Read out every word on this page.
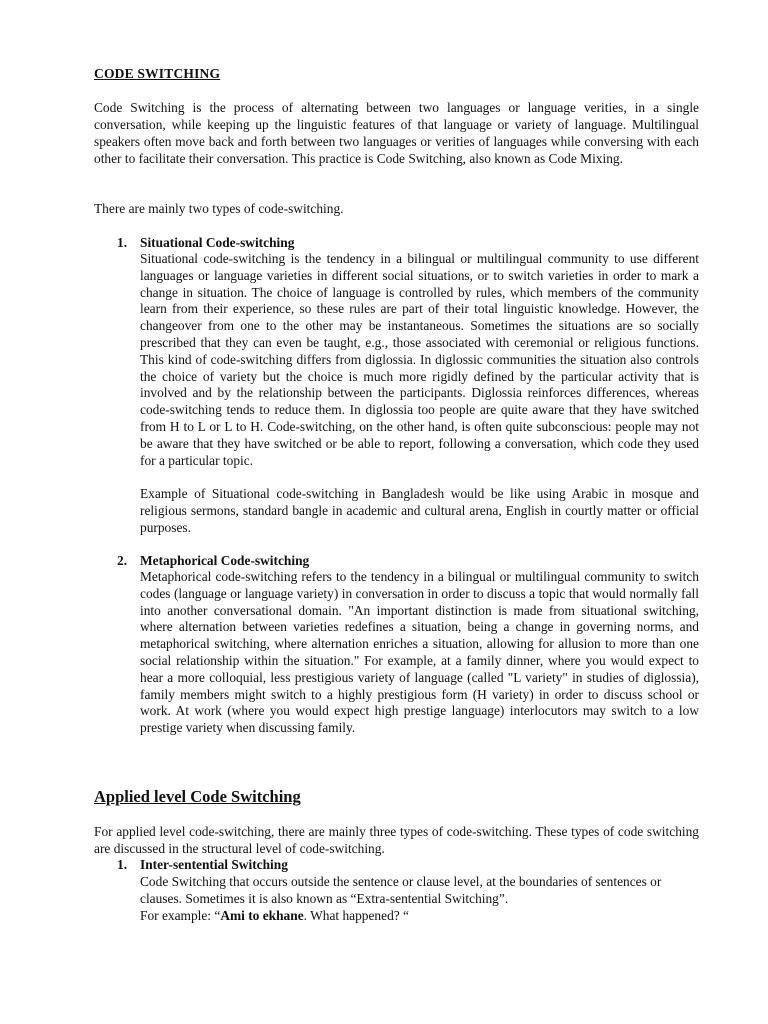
CODE SWITCHING
Code Switching is the process of alternating between two languages or language verities, in a single conversation, while keeping up the linguistic features of that language or variety of language. Multilingual speakers often move back and forth between two languages or verities of languages while conversing with each other to facilitate their conversation. This practice is Code Switching, also known as Code Mixing.
There are mainly two types of code-switching.
1. Situational Code-switching
Situational code-switching is the tendency in a bilingual or multilingual community to use different languages or language varieties in different social situations, or to switch varieties in order to mark a change in situation. The choice of language is controlled by rules, which members of the community learn from their experience, so these rules are part of their total linguistic knowledge. However, the changeover from one to the other may be instantaneous. Sometimes the situations are so socially prescribed that they can even be taught, e.g., those associated with ceremonial or religious functions. This kind of code-switching differs from diglossia. In diglossic communities the situation also controls the choice of variety but the choice is much more rigidly defined by the particular activity that is involved and by the relationship between the participants. Diglossia reinforces differences, whereas code-switching tends to reduce them. In diglossia too people are quite aware that they have switched from H to L or L to H. Code-switching, on the other hand, is often quite subconscious: people may not be aware that they have switched or be able to report, following a conversation, which code they used for a particular topic.
Example of Situational code-switching in Bangladesh would be like using Arabic in mosque and religious sermons, standard bangle in academic and cultural arena, English in courtly matter or official purposes.
2. Metaphorical Code-switching
Metaphorical code-switching refers to the tendency in a bilingual or multilingual community to switch codes (language or language variety) in conversation in order to discuss a topic that would normally fall into another conversational domain. "An important distinction is made from situational switching, where alternation between varieties redefines a situation, being a change in governing norms, and metaphorical switching, where alternation enriches a situation, allowing for allusion to more than one social relationship within the situation." For example, at a family dinner, where you would expect to hear a more colloquial, less prestigious variety of language (called "L variety" in studies of diglossia), family members might switch to a highly prestigious form (H variety) in order to discuss school or work. At work (where you would expect high prestige language) interlocutors may switch to a low prestige variety when discussing family.
Applied level Code Switching
For applied level code-switching, there are mainly three types of code-switching. These types of code switching are discussed in the structural level of code-switching.
1. Inter-sentential Switching
Code Switching that occurs outside the sentence or clause level, at the boundaries of sentences or clauses. Sometimes it is also known as “Extra-sentential Switching”.
For example: “Ami to ekhane. What happened? “
